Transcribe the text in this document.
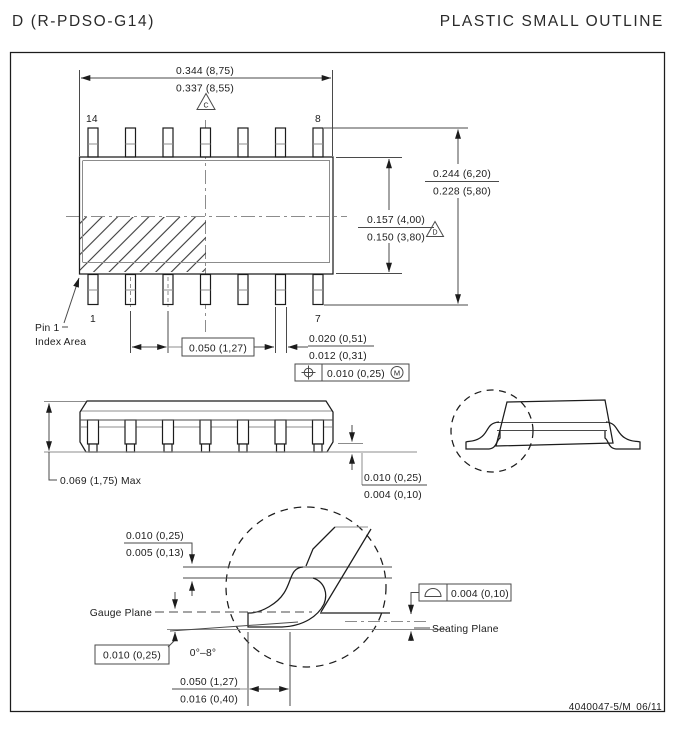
D (R-PDSO-G14)	PLASTIC SMALL OUTLINE
0.344 (8,75)
0.337 (8,55)
C
0.244 (6,20)
0.228 (5,80)
0.157 (4,00)
0.150 (3,80) D
14	8
1	7
Pin 1
Index Area
0.050 (1,27)
0.020 (0,51)
0.012 (0,31)
0.010 (0,25) M
0.069 (1,75) Max	0.010 (0,25)
0.004 (0,10)
0.010 (0,25)
0.005 (0,13)
Gauge Plane
0.010 (0,25)	0°–8°
0.050 (1,27)
0.016 (0,40)
0.004 (0,10)
Seating Plane
4040047-5/M 06/11
